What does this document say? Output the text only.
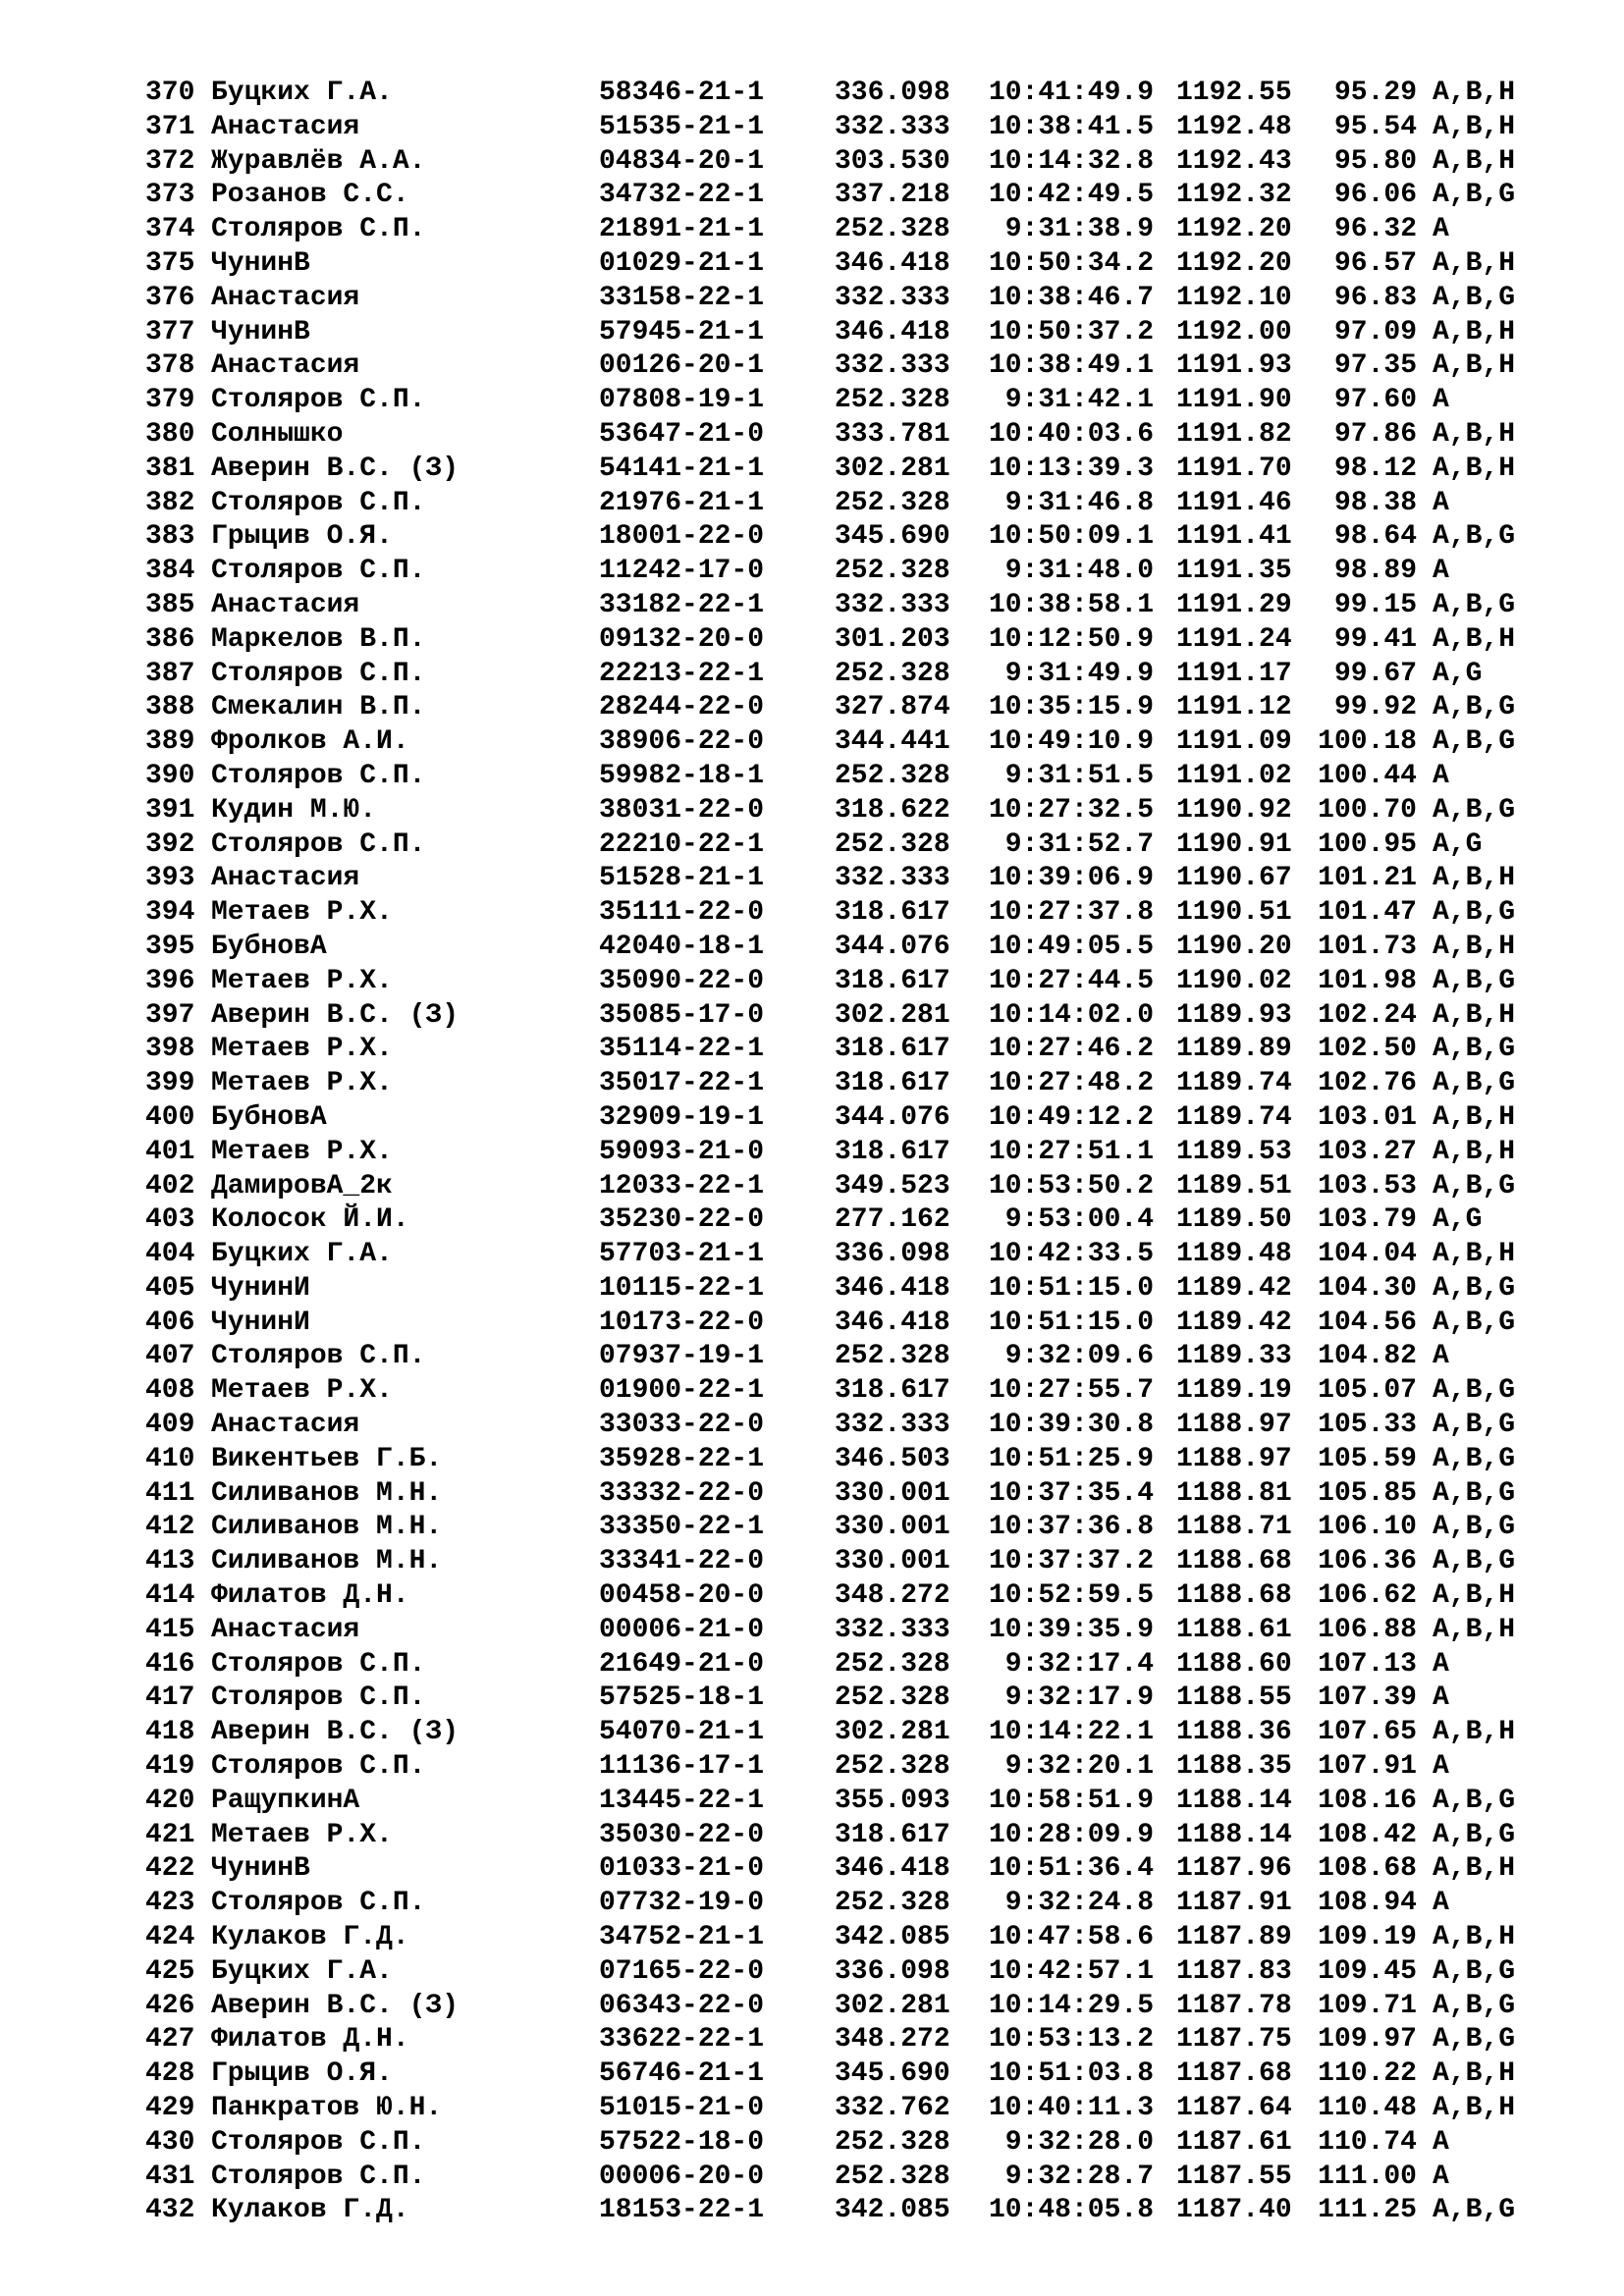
370 Буцких Г.А.	58346-21-1	336.098 10:41:49.9 1192.55	95.29 A,B,H
371 Анастасия	51535-21-1	332.333 10:38:41.5 1192.48	95.54 A,B,H
372 Журавлёв А.А.	04834-20-1	303.530 10:14:32.8 1192.43	95.80 A,B,H
373 Розанов С.С.	34732-22-1	337.218 10:42:49.5 1192.32	96.06 A,B,G
374 Столяров С.П.	21891-21-1	252.328	9:31:38.9 1192.20	96.32 A
375 ЧунинВ	01029-21-1	346.418 10:50:34.2 1192.20	96.57 A,B,H
376 Анастасия	33158-22-1	332.333 10:38:46.7 1192.10	96.83 A,B,G
377 ЧунинВ	57945-21-1	346.418 10:50:37.2 1192.00	97.09 A,B,H
378 Анастасия	00126-20-1	332.333 10:38:49.1 1191.93	97.35 A,B,H
379 Столяров С.П.	07808-19-1	252.328	9:31:42.1 1191.90	97.60 A
380 Солнышко	53647-21-0	333.781 10:40:03.6 1191.82	97.86 A,B,H
381 Аверин В.С. (З)	54141-21-1	302.281 10:13:39.3 1191.70	98.12 A,B,H
382 Столяров С.П.	21976-21-1	252.328	9:31:46.8 1191.46	98.38 A
383 Грыцив О.Я.	18001-22-0	345.690 10:50:09.1 1191.41	98.64 A,B,G
384 Столяров С.П.	11242-17-0	252.328	9:31:48.0 1191.35	98.89 A
385 Анастасия	33182-22-1	332.333 10:38:58.1 1191.29	99.15 A,B,G
386 Маркелов В.П.	09132-20-0	301.203 10:12:50.9 1191.24	99.41 A,B,H
387 Столяров С.П.	22213-22-1	252.328	9:31:49.9 1191.17	99.67 A,G
388 Смекалин В.П.	28244-22-0	327.874 10:35:15.9 1191.12	99.92 A,B,G
389 Фролков А.И.	38906-22-0	344.441 10:49:10.9 1191.09 100.18 A,B,G
390 Столяров С.П.	59982-18-1	252.328	9:31:51.5 1191.02 100.44 A
391 Кудин М.Ю.	38031-22-0	318.622 10:27:32.5 1190.92 100.70 A,B,G
392 Столяров С.П.	22210-22-1	252.328	9:31:52.7 1190.91 100.95 A,G
393 Анастасия	51528-21-1	332.333 10:39:06.9 1190.67 101.21 A,B,H
394 Метаев Р.Х.	35111-22-0	318.617 10:27:37.8 1190.51 101.47 A,B,G
395 БубновА	42040-18-1	344.076 10:49:05.5 1190.20 101.73 A,B,H
396 Метаев Р.Х.	35090-22-0	318.617 10:27:44.5 1190.02 101.98 A,B,G
397 Аверин В.С. (З)	35085-17-0	302.281 10:14:02.0 1189.93 102.24 A,B,H
398 Метаев Р.Х.	35114-22-1	318.617 10:27:46.2 1189.89 102.50 A,B,G
399 Метаев Р.Х.	35017-22-1	318.617 10:27:48.2 1189.74 102.76 A,B,G
400 БубновА	32909-19-1	344.076 10:49:12.2 1189.74 103.01 A,B,H
401 Метаев Р.Х.	59093-21-0	318.617 10:27:51.1 1189.53 103.27 A,B,H
402 ДамировА_2к	12033-22-1	349.523 10:53:50.2 1189.51 103.53 A,B,G
403 Колосок Й.И.	35230-22-0	277.162	9:53:00.4 1189.50 103.79 A,G
404 Буцких Г.А.	57703-21-1	336.098 10:42:33.5 1189.48 104.04 A,B,H
405 ЧунинИ	10115-22-1	346.418 10:51:15.0 1189.42 104.30 A,B,G
406 ЧунинИ	10173-22-0	346.418 10:51:15.0 1189.42 104.56 A,B,G
407 Столяров С.П.	07937-19-1	252.328	9:32:09.6 1189.33 104.82 A
408 Метаев Р.Х.	01900-22-1	318.617 10:27:55.7 1189.19 105.07 A,B,G
409 Анастасия	33033-22-0	332.333 10:39:30.8 1188.97 105.33 A,B,G
410 Викентьев Г.Б.	35928-22-1	346.503 10:51:25.9 1188.97 105.59 A,B,G
411 Силиванов М.Н.	33332-22-0	330.001 10:37:35.4 1188.81 105.85 A,B,G
412 Силиванов М.Н.	33350-22-1	330.001 10:37:36.8 1188.71 106.10 A,B,G
413 Силиванов М.Н.	33341-22-0	330.001 10:37:37.2 1188.68 106.36 A,B,G
414 Филатов Д.Н.	00458-20-0	348.272 10:52:59.5 1188.68 106.62 A,B,H
415 Анастасия	00006-21-0	332.333 10:39:35.9 1188.61 106.88 A,B,H
416 Столяров С.П.	21649-21-0	252.328	9:32:17.4 1188.60 107.13 A
417 Столяров С.П.	57525-18-1	252.328	9:32:17.9 1188.55 107.39 A
418 Аверин В.С. (З)	54070-21-1	302.281 10:14:22.1 1188.36 107.65 A,B,H
419 Столяров С.П.	11136-17-1	252.328	9:32:20.1 1188.35 107.91 A
420 РащупкинА	13445-22-1	355.093 10:58:51.9 1188.14 108.16 A,B,G
421 Метаев Р.Х.	35030-22-0	318.617 10:28:09.9 1188.14 108.42 A,B,G
422 ЧунинВ	01033-21-0	346.418 10:51:36.4 1187.96 108.68 A,B,H
423 Столяров С.П.	07732-19-0	252.328	9:32:24.8 1187.91 108.94 A
424 Кулаков Г.Д.	34752-21-1	342.085 10:47:58.6 1187.89 109.19 A,B,H
425 Буцких Г.А.	07165-22-0	336.098 10:42:57.1 1187.83 109.45 A,B,G
426 Аверин В.С. (З)	06343-22-0	302.281 10:14:29.5 1187.78 109.71 A,B,G
427 Филатов Д.Н.	33622-22-1	348.272 10:53:13.2 1187.75 109.97 A,B,G
428 Грыцив О.Я.	56746-21-1	345.690 10:51:03.8 1187.68 110.22 A,B,H
429 Панкратов Ю.Н.	51015-21-0	332.762 10:40:11.3 1187.64 110.48 A,B,H
430 Столяров С.П.	57522-18-0	252.328	9:32:28.0 1187.61 110.74 A
431 Столяров С.П.	00006-20-0	252.328	9:32:28.7 1187.55 111.00 A
432 Кулаков Г.Д.	18153-22-1	342.085 10:48:05.8 1187.40 111.25 A,B,G
